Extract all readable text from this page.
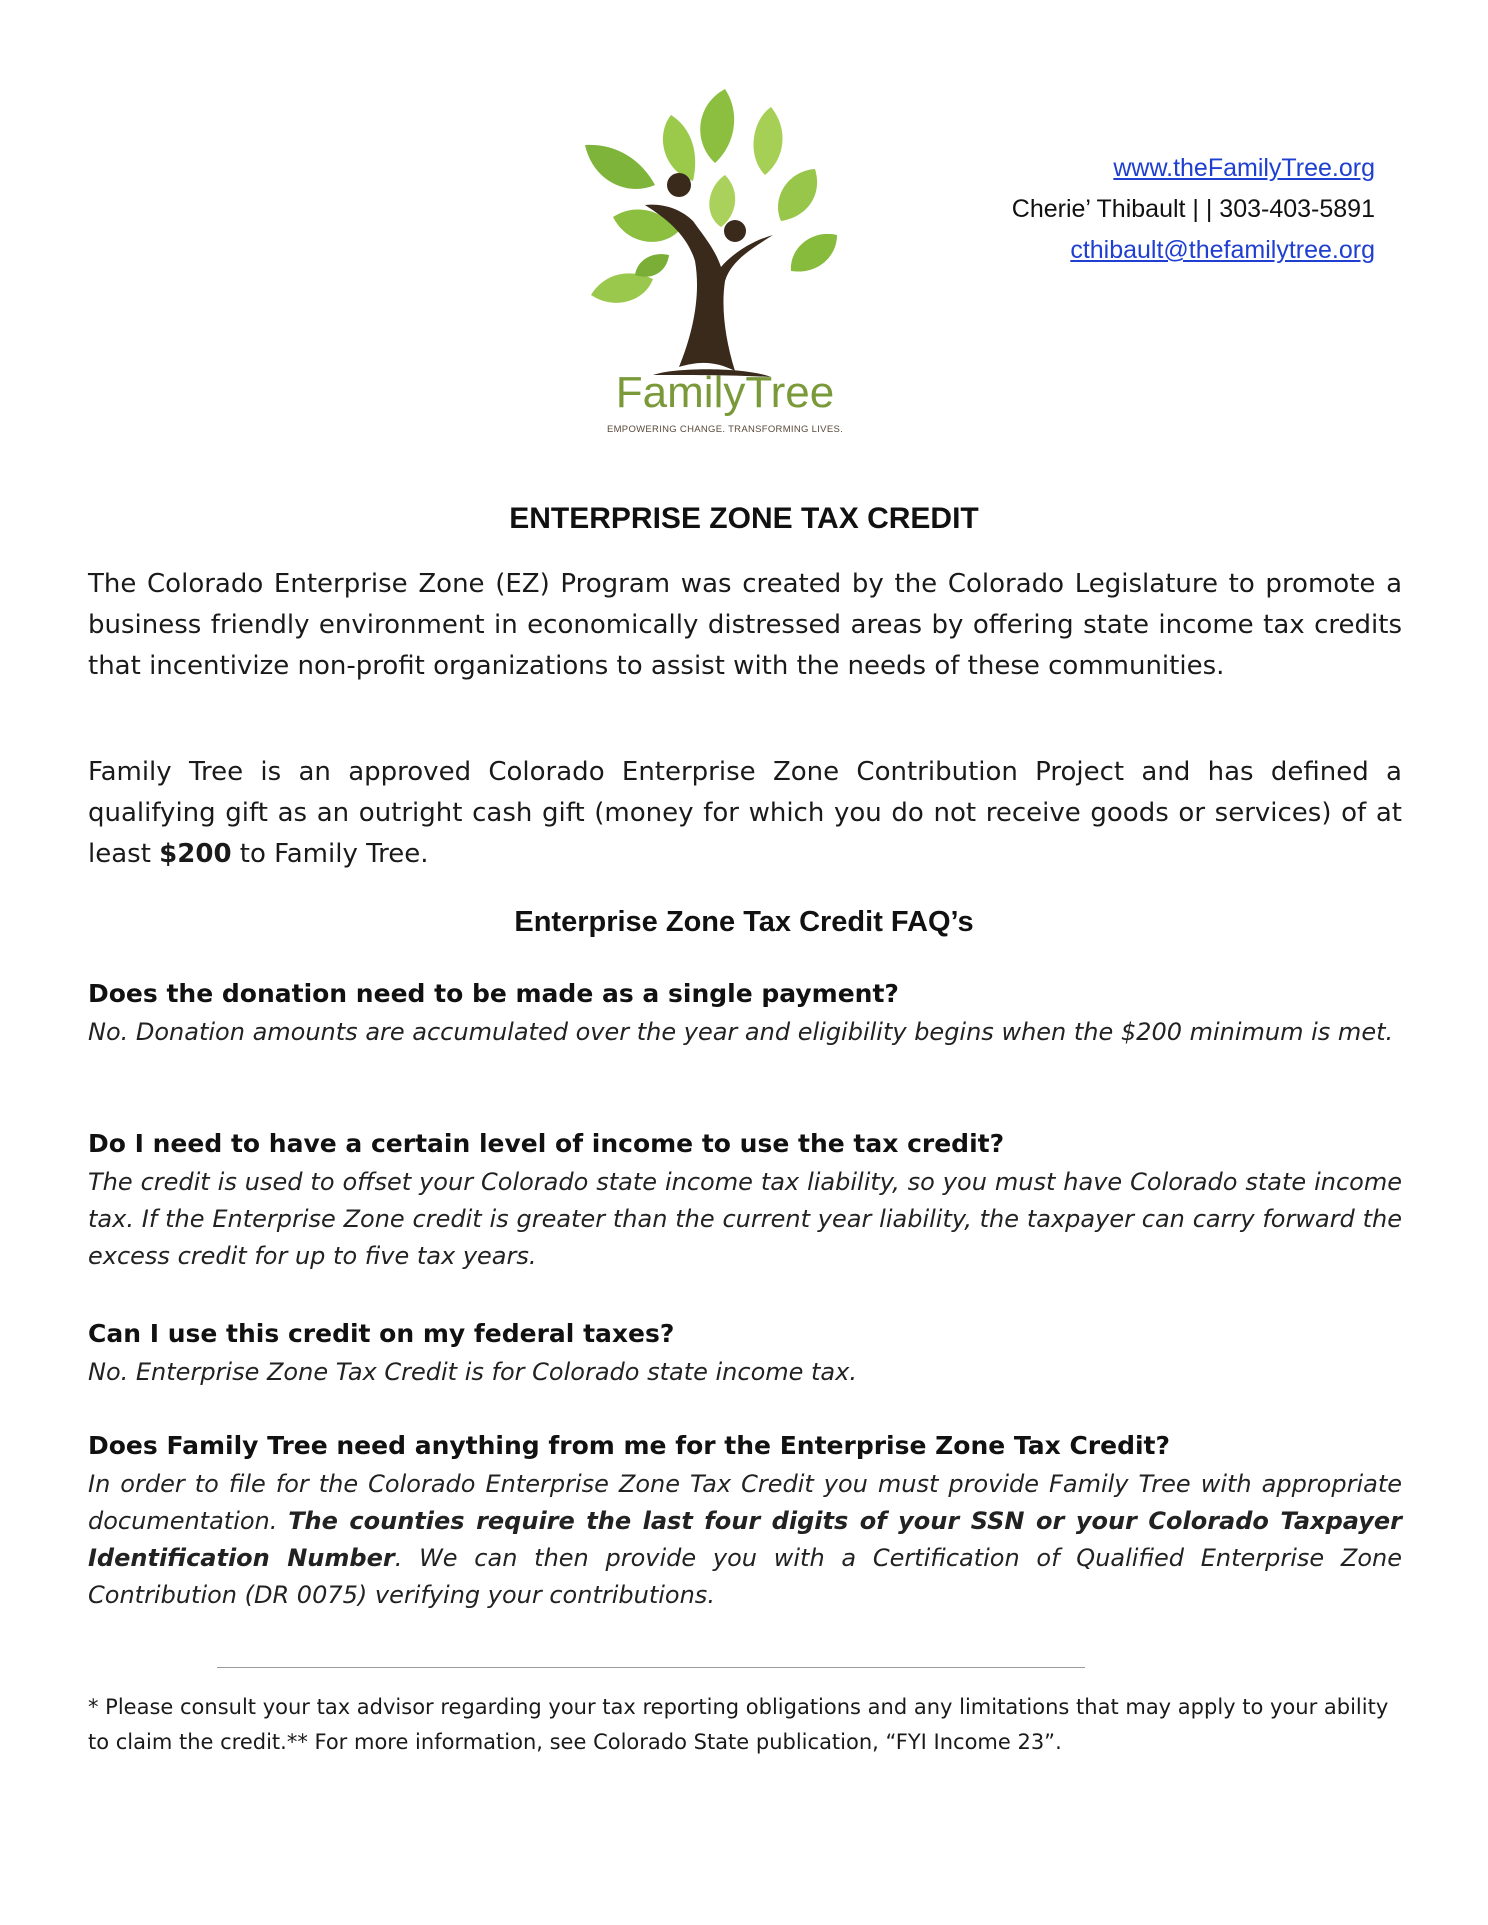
FamilyTree
EMPOWERING CHANGE. TRANSFORMING LIVES.
www.theFamilyTree.org
Cherie’ Thibault | | 303-403-5891
cthibault@thefamilytree.org
ENTERPRISE ZONE TAX CREDIT

The Colorado Enterprise Zone (EZ) Program was created by the Colorado Legislature to promote a business friendly environment in economically distressed areas by offering state income tax credits that incentivize non-profit organizations to assist with the needs of these communities.

Family Tree is an approved Colorado Enterprise Zone Contribution Project and has defined a qualifying gift as an outright cash gift (money for which you do not receive goods or services) of at least $200 to Family Tree.

Enterprise Zone Tax Credit FAQ’s

Does the donation need to be made as a single payment?

No. Donation amounts are accumulated over the year and eligibility begins when the $200 minimum is met.

Do I need to have a certain level of income to use the tax credit?

The credit is used to offset your Colorado state income tax liability, so you must have Colorado state income tax. If the Enterprise Zone credit is greater than the current year liability, the taxpayer can carry forward the excess credit for up to five tax years.

Can I use this credit on my federal taxes?

No. Enterprise Zone Tax Credit is for Colorado state income tax.

Does Family Tree need anything from me for the Enterprise Zone Tax Credit?

In order to file for the Colorado Enterprise Zone Tax Credit you must provide Family Tree with appropriate documentation. The counties require the last four digits of your SSN or your Colorado Taxpayer Identification Number. We can then provide you with a Certification of Qualified Enterprise Zone Contribution (DR 0075) verifying your contributions.

* Please consult your tax advisor regarding your tax reporting obligations and any limitations that may apply to your ability to claim the credit.** For more information, see Colorado State publication, “FYI Income 23”.
